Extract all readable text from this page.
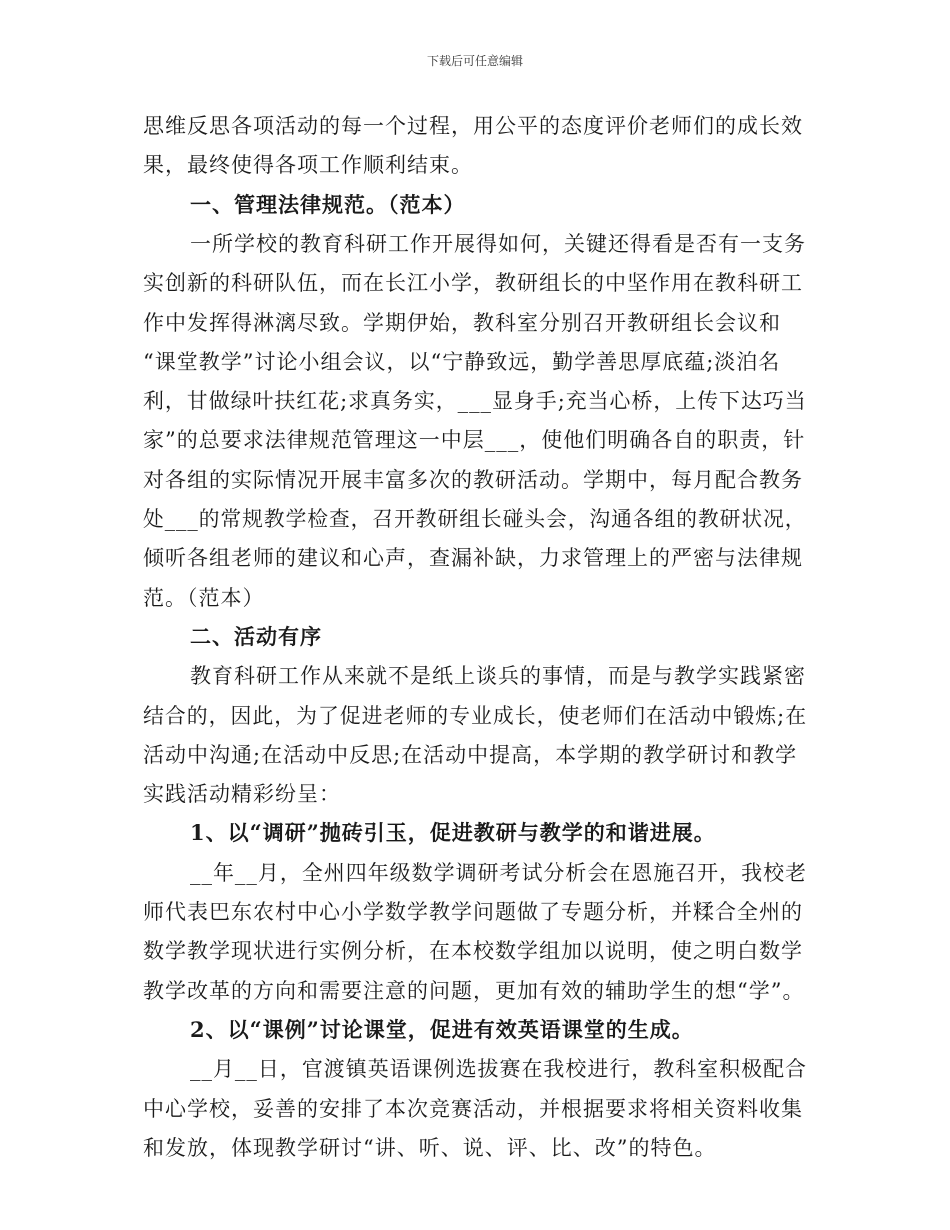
下载后可任意编辑
思维反思各项活动的每一个过程，用公平的态度评价老师们的成长效
果，最终使得各项工作顺利结束。
一、管理法律规范。（范本）
一所学校的教育科研工作开展得如何，关键还得看是否有一支务
实创新的科研队伍，而在长江小学，教研组长的中坚作用在教科研工
作中发挥得淋漓尽致。学期伊始，教科室分别召开教研组长会议和
“课堂教学”讨论小组会议，以“宁静致远，勤学善思厚底蕴;淡泊名
利，甘做绿叶扶红花;求真务实，___显身手;充当心桥，上传下达巧当
家”的总要求法律规范管理这一中层___，使他们明确各自的职责，针
对各组的实际情况开展丰富多次的教研活动。学期中，每月配合教务
处___的常规教学检查，召开教研组长碰头会，沟通各组的教研状况，
倾听各组老师的建议和心声，查漏补缺，力求管理上的严密与法律规
范。（范本）
二、活动有序
教育科研工作从来就不是纸上谈兵的事情，而是与教学实践紧密
结合的，因此，为了促进老师的专业成长，使老师们在活动中锻炼;在
活动中沟通;在活动中反思;在活动中提高，本学期的教学研讨和教学
实践活动精彩纷呈：
1、以“调研”抛砖引玉，促进教研与教学的和谐进展。
__年__月，全州四年级数学调研考试分析会在恩施召开，我校老
师代表巴东农村中心小学数学教学问题做了专题分析，并糅合全州的
数学教学现状进行实例分析，在本校数学组加以说明，使之明白数学
教学改革的方向和需要注意的问题，更加有效的辅助学生的想“学”。
2、以“课例”讨论课堂，促进有效英语课堂的生成。
__月__日，官渡镇英语课例选拔赛在我校进行，教科室积极配合
中心学校，妥善的安排了本次竞赛活动，并根据要求将相关资料收集
和发放，体现教学研讨“讲、听、说、评、比、改”的特色。
